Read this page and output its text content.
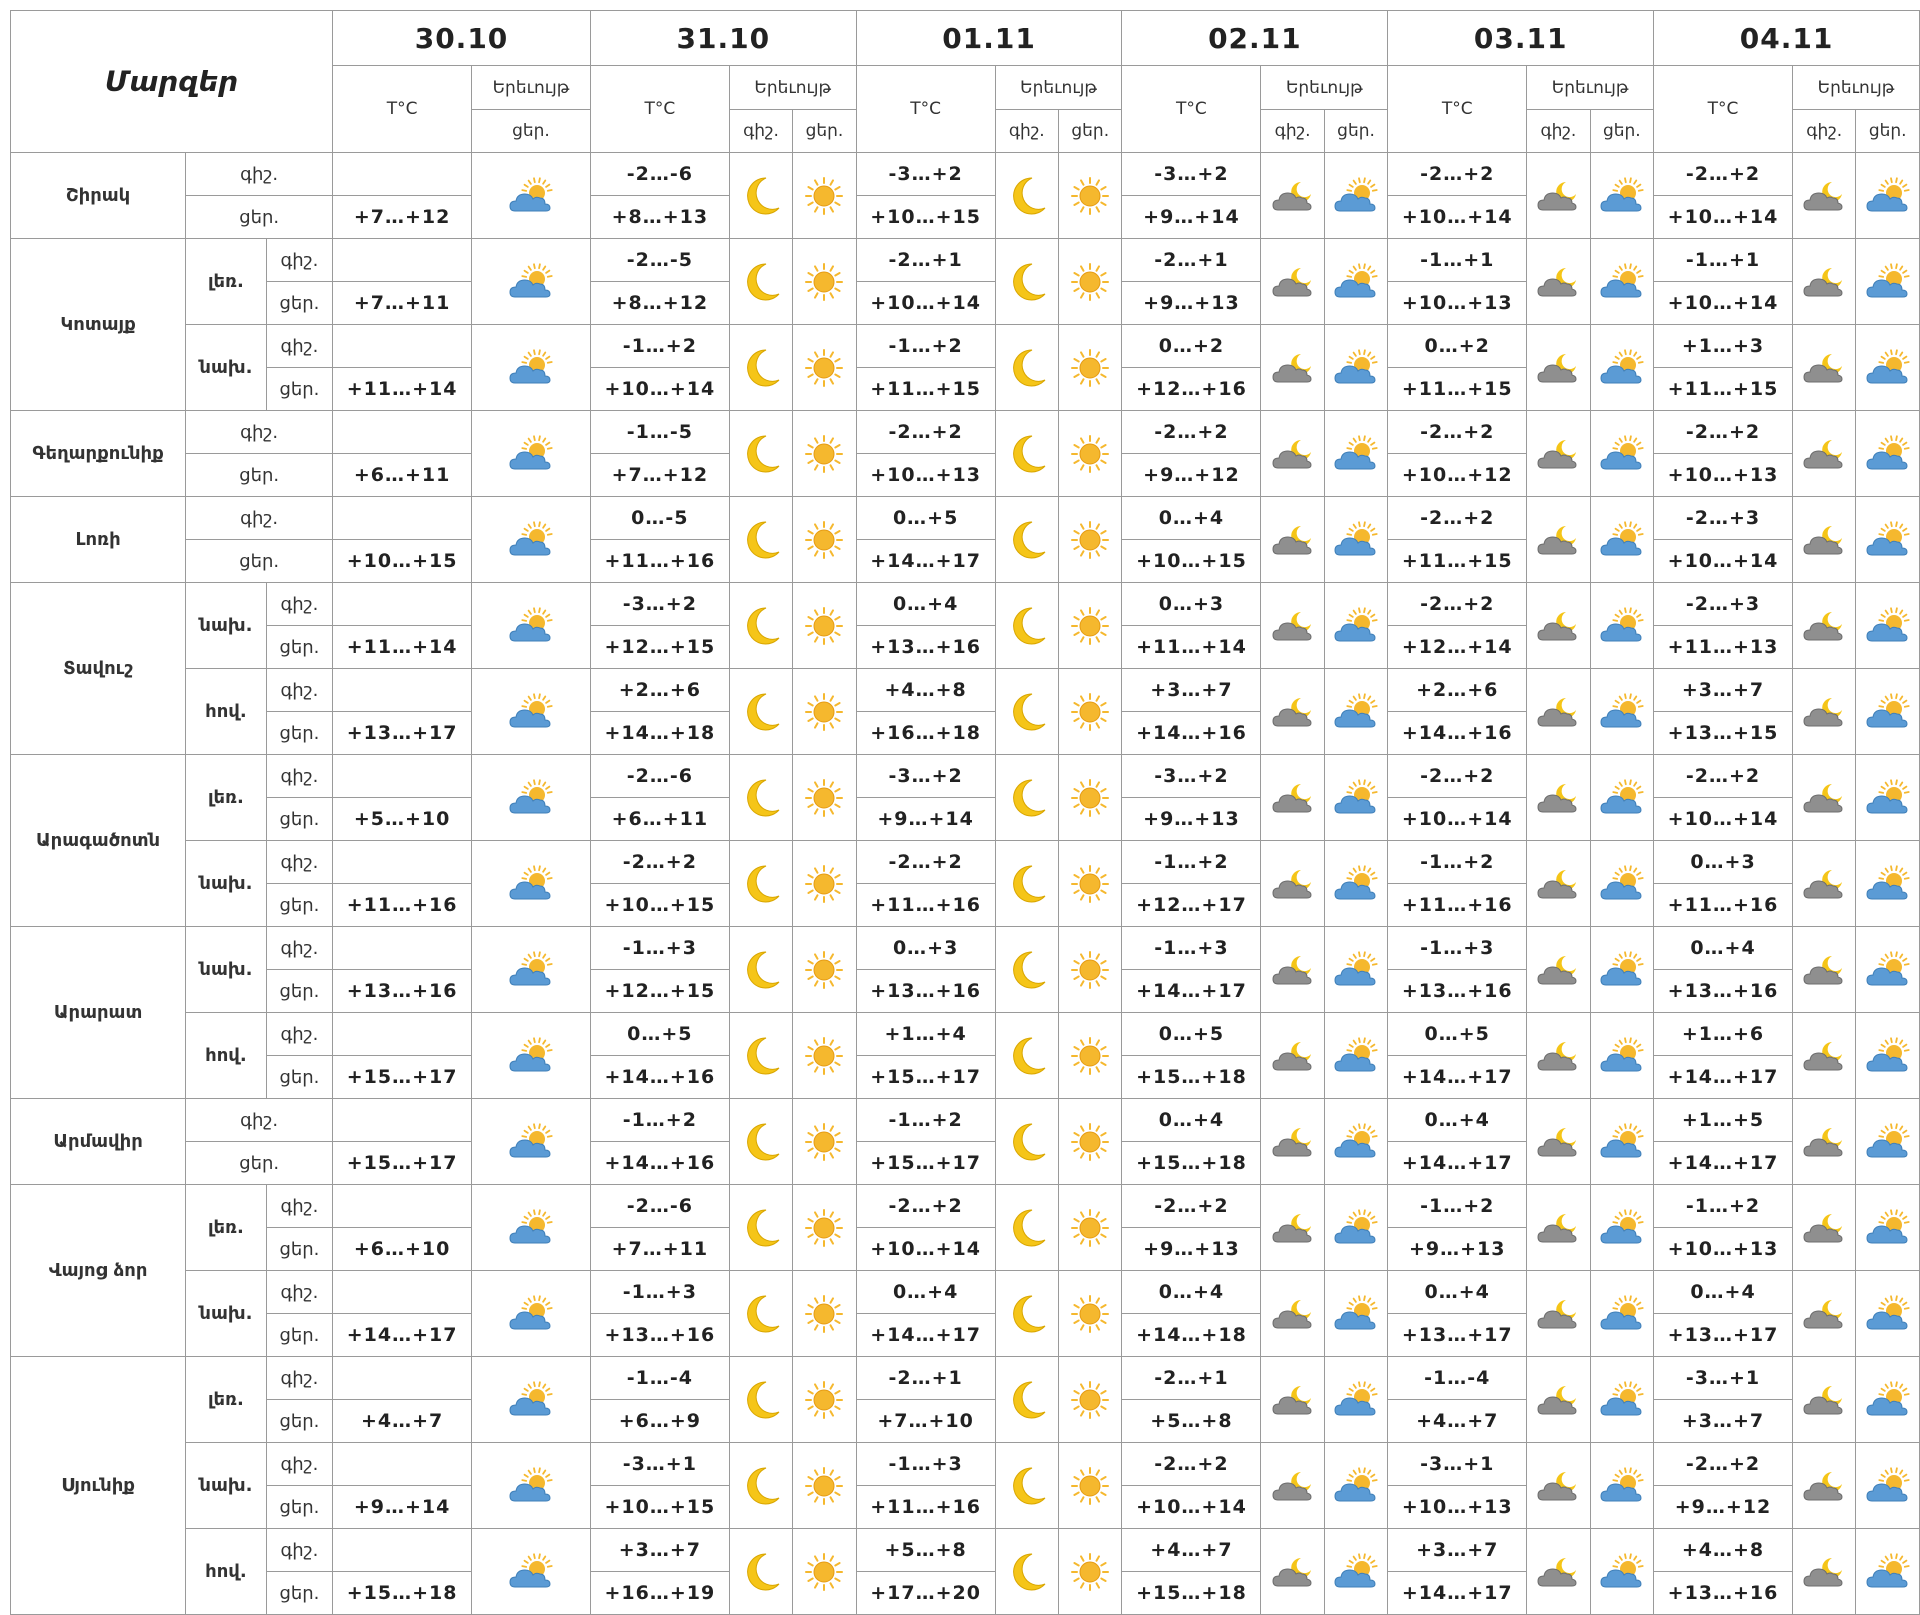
Մարզեր			30.10		31.10			01.11			02.11			03.11			04.11		
			T°C	Երեւույթ	T°C	Երեւույթ		T°C	Երեւույթ		T°C	Երեւույթ		T°C	Երեւույթ		T°C	Երեւույթ	
				ցեր.		գիշ.	ցեր.		գիշ.	ցեր.		գիշ.	ցեր.		գիշ.	ցեր.		գիշ.	ցեր.
Շիրակ	գիշ.				-2…-6			-3…+2			-3…+2			-2…+2			-2…+2	

	ցեր.		+7…+12		+8…+13			+10…+15			+9…+14			+10…+14			+10…+14		
Կոտայք	լեռ.	գիշ.			-2…-5			-2…+1			-2…+1			-1…+1			-1…+1	

		ցեր.	+7…+11		+8…+12			+10…+14			+9…+13			+10…+13			+10…+14		
	նախ.	գիշ.			-1…+2			-1…+2			0…+2			0…+2			+1…+3	

		ցեր.	+11…+14		+10…+14			+11…+15			+12…+16			+11…+15			+11…+15		
Գեղարքունիք	գիշ.				-1…-5			-2…+2			-2…+2			-2…+2			-2…+2	

	ցեր.		+6…+11		+7…+12			+10…+13			+9…+12			+10…+12			+10…+13		
Լոռի	գիշ.				0…-5			0…+5			0…+4			-2…+2			-2…+3	

	ցեր.		+10…+15		+11…+16			+14…+17			+10…+15			+11…+15			+10…+14		
Տավուշ	նախ.	գիշ.			-3…+2			0…+4			0…+3			-2…+2			-2…+3	

		ցեր.	+11…+14		+12…+15			+13…+16			+11…+14			+12…+14			+11…+13		
	հով.	գիշ.			+2…+6			+4…+8			+3…+7			+2…+6			+3…+7	

		ցեր.	+13…+17		+14…+18			+16…+18			+14…+16			+14…+16			+13…+15		
Արագածոտն	լեռ.	գիշ.			-2…-6			-3…+2			-3…+2			-2…+2			-2…+2	

		ցեր.	+5…+10		+6…+11			+9…+14			+9…+13			+10…+14			+10…+14		
	նախ.	գիշ.			-2…+2			-2…+2			-1…+2			-1…+2			0…+3	

		ցեր.	+11…+16		+10…+15			+11…+16			+12…+17			+11…+16			+11…+16		
Արարատ	նախ.	գիշ.			-1…+3			0…+3			-1…+3			-1…+3			0…+4	

		ցեր.	+13…+16		+12…+15			+13…+16			+14…+17			+13…+16			+13…+16		
	հով.	գիշ.			0…+5			+1…+4			0…+5			0…+5			+1…+6	

		ցեր.	+15…+17		+14…+16			+15…+17			+15…+18			+14…+17			+14…+17		
Արմավիր	գիշ.				-1…+2			-1…+2			0…+4			0…+4			+1…+5	

	ցեր.		+15…+17		+14…+16			+15…+17			+15…+18			+14…+17			+14…+17		
Վայոց ձոր	լեռ.	գիշ.			-2…-6			-2…+2			-2…+2			-1…+2			-1…+2	

		ցեր.	+6…+10		+7…+11			+10…+14			+9…+13			+9…+13			+10…+13		
	նախ.	գիշ.			-1…+3			0…+4			0…+4			0…+4			0…+4	

		ցեր.	+14…+17		+13…+16			+14…+17			+14…+18			+13…+17			+13…+17		
Սյունիք	լեռ.	գիշ.			-1…-4			-2…+1			-2…+1			-1…-4			-3…+1	

		ցեր.	+4…+7		+6…+9			+7…+10			+5…+8			+4…+7			+3…+7		
	նախ.	գիշ.			-3…+1			-1…+3			-2…+2			-3…+1			-2…+2	

		ցեր.	+9…+14		+10…+15			+11…+16			+10…+14			+10…+13			+9…+12		
	հով.	գիշ.			+3…+7			+5…+8			+4…+7			+3…+7			+4…+8	

		ցեր.	+15…+18		+16…+19			+17…+20			+15…+18			+14…+17			+13…+16		
